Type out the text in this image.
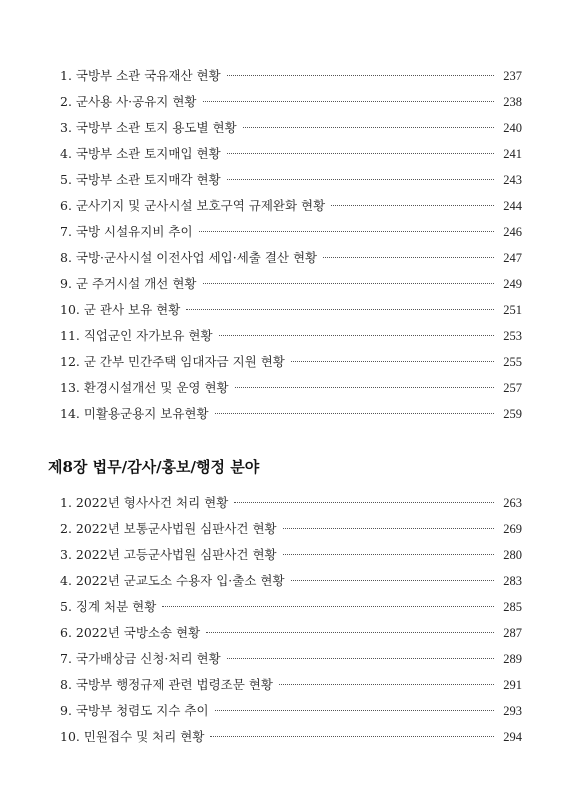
1. 국방부 소관 국유재산 현황	237
2. 군사용 사·공유지 현황	238
3. 국방부 소관 토지 용도별 현황	240
4. 국방부 소관 토지매입 현황	241
5. 국방부 소관 토지매각 현황	243
6. 군사기지 및 군사시설 보호구역 규제완화 현황	244
7. 국방 시설유지비 추이	246
8. 국방·군사시설 이전사업 세입·세출 결산 현황	247
9. 군 주거시설 개선 현황	249
10. 군 관사 보유 현황	251
11. 직업군인 자가보유 현황	253
12. 군 간부 민간주택 임대자금 지원 현황	255
13. 환경시설개선 및 운영 현황	257
14. 미활용군용지 보유현황	259
제8장 법무/감사/홍보/행정 분야
1. 2022년 형사사건 처리 현황	263
2. 2022년 보통군사법원 심판사건 현황	269
3. 2022년 고등군사법원 심판사건 현황	280
4. 2022년 군교도소 수용자 입·출소 현황	283
5. 징계 처분 현황	285
6. 2022년 국방소송 현황	287
7. 국가배상금 신청·처리 현황	289
8. 국방부 행정규제 관련 법령조문 현황	291
9. 국방부 청렴도 지수 추이	293
10. 민원접수 및 처리 현황	294
